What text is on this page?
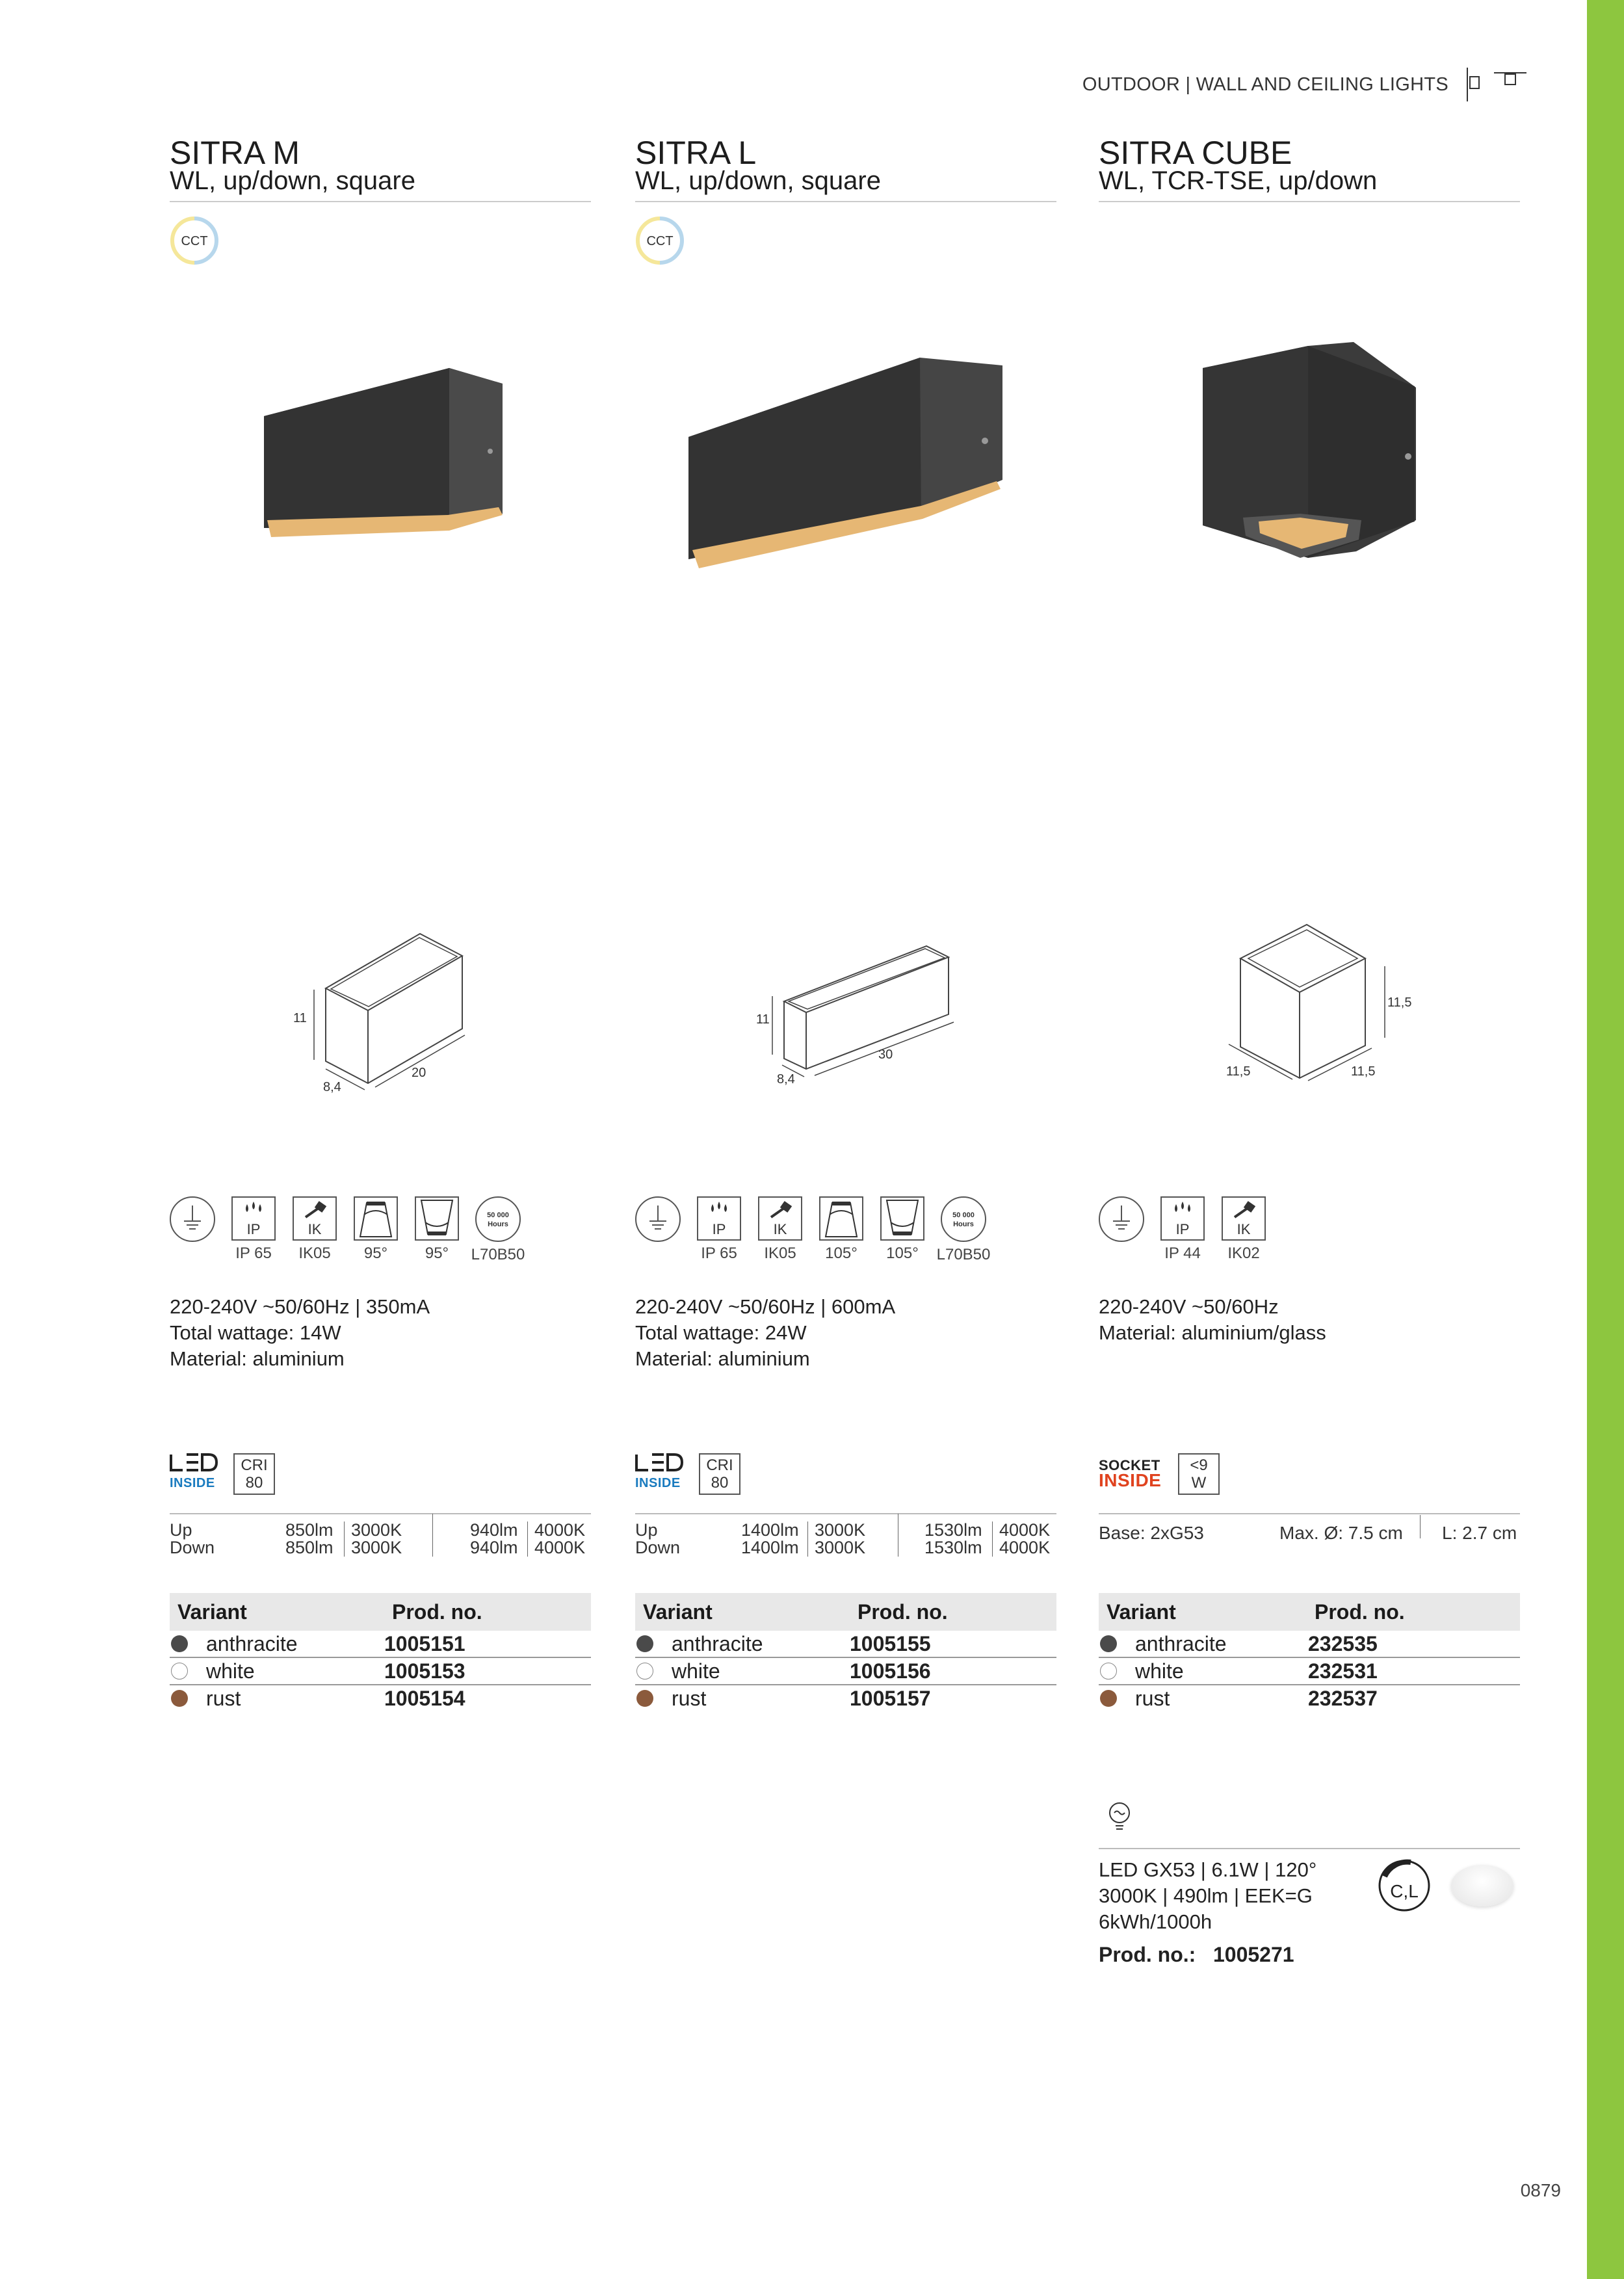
OUTDOOR | WALL AND CEILING LIGHTS
SITRA M
WL, up/down, square
CCT
11
8,4
20
IP
IP 65
IK
IK05 95° 95°
50 000
Hours
L70B50
220-240V ~50/60Hz | 350mA
Total wattage: 14W
Material: aluminium
INSIDE
CRI
80
Up	850lm	3000K	940lm 4000K
Down	850lm	3000K	940lm 4000K
Variant	Prod. no.
anthracite	1005151
white	1005153
rust	1005154
SITRA L
WL, up/down, square
CCT
11
8,4
30
IP
IP 65
IK
IK05 105° 105°
50 000
Hours
L70B50
220-240V ~50/60Hz | 600mA
Total wattage: 24W
Material: aluminium
INSIDE
CRI
80
Up	1400lm 3000K	1530lm 4000K
Down	1400lm 3000K	1530lm 4000K
Variant	Prod. no.
anthracite	1005155
white	1005156
rust	1005157
SITRA CUBE
WL, TCR-TSE, up/down
11,5
11,5	11,5
IP
IP 44
IK
IK02
220-240V ~50/60Hz
Material: aluminium/glass
SOCKET
INSIDE
<9
W
Base: 2xG53	Max. Ø: 7.5 cm L: 2.7 cm
Variant	Prod. no.
anthracite	232535
white	232531
rust	232537
LED GX53 | 6.1W | 120°
3000K | 490lm | EEK=G
6kWh/1000h
C,L
Prod. no.: 1005271
0879
